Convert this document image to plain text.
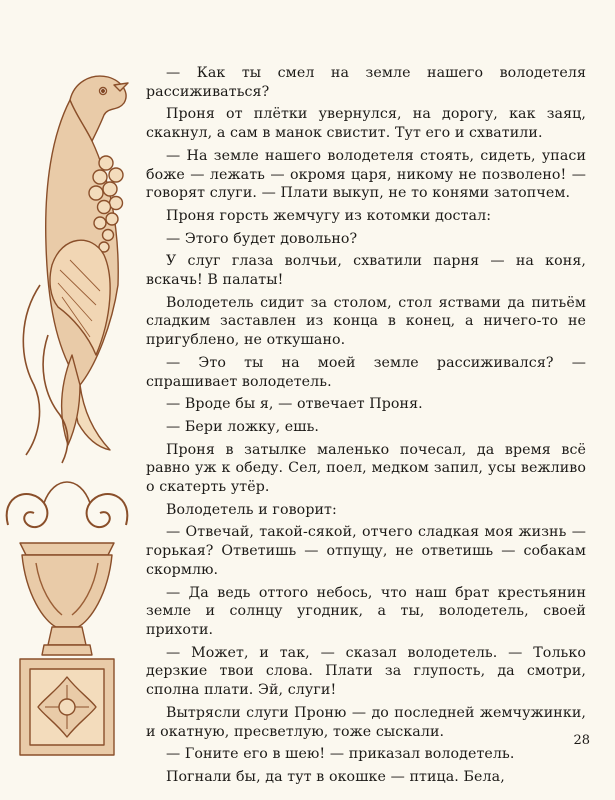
— Как ты смел на земле нашего володетеля рассиживаться?

Проня от плётки увернулся, на дорогу, как заяц, скакнул, а сам в манок свистит. Тут его и схватили.

— На земле нашего володетеля стоять, сидеть, упаси боже — лежать — окромя царя, никому не позволено! — говорят слуги. — Плати выкуп, не то конями затопчем.

Проня горсть жемчугу из котомки достал:

— Этого будет довольно?

У слуг глаза волчьи, схватили парня — на коня, вскачь! В палаты!

Володетель сидит за столом, стол яствами да питьём сладким заставлен из конца в конец, а ничего-то не пригублено, не откушано.

— Это ты на моей земле рассиживался? — спрашивает володетель.

— Вроде бы я, — отвечает Проня.

— Бери ложку, ешь.

Проня в затылке маленько почесал, да время всё равно уж к обеду. Сел, поел, медком запил, усы вежливо о скатерть утёр.

Володетель и говорит:

— Отвечай, такой-сякой, отчего сладкая моя жизнь — горькая? Ответишь — отпущу, не ответишь — собакам скормлю.

— Да ведь оттого небось, что наш брат крестьянин земле и солнцу угодник, а ты, володетель, своей прихоти.

— Может, и так, — сказал володетель. — Только дерзкие твои слова. Плати за глупость, да смотри, сполна плати. Эй, слуги!

Вытрясли слуги Проню — до последней жемчужинки, и окатную, пресветлую, тоже сыскали.

— Гоните его в шею! — приказал володетель.

Погнали бы, да тут в окошке — птица. Бела,

28
